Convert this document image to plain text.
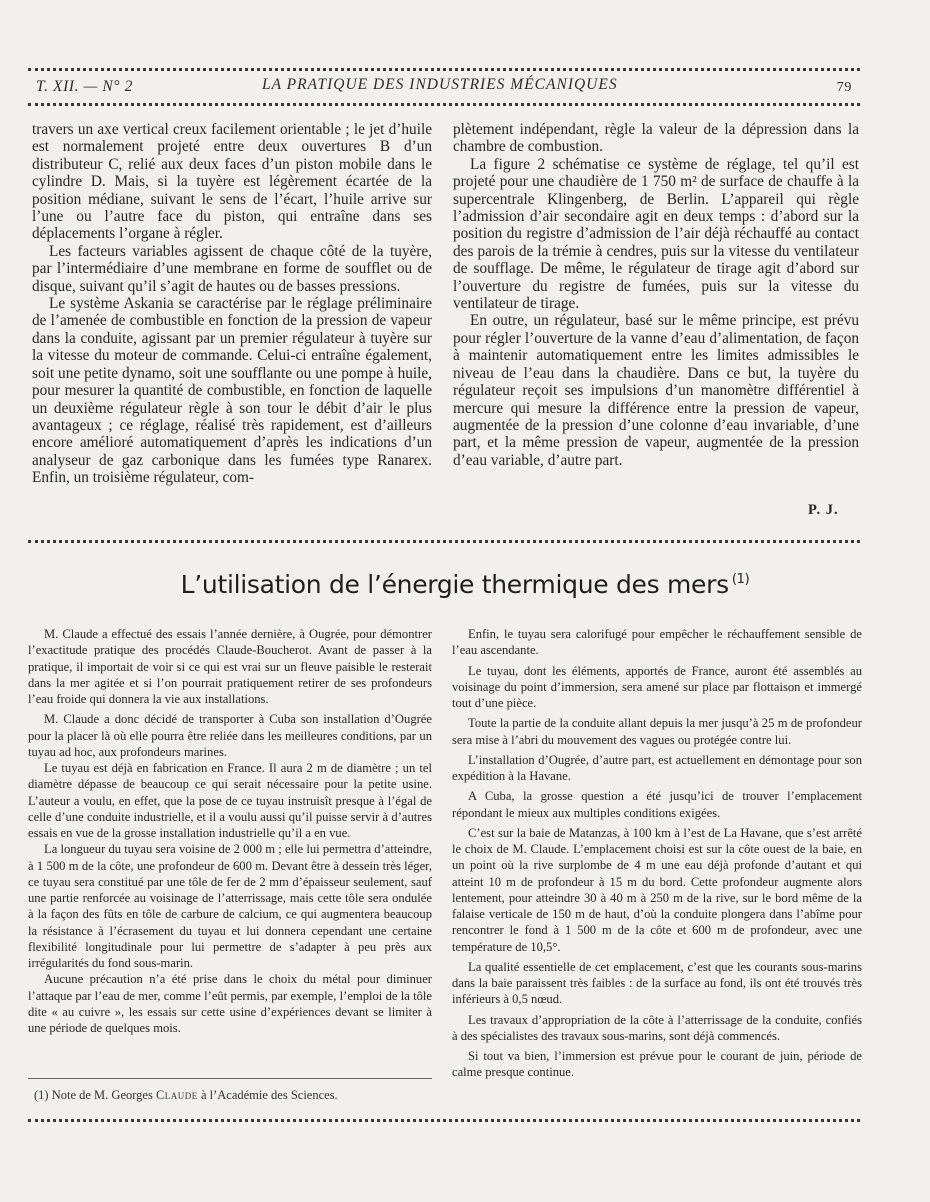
T. XII. — N° 2	LA PRATIQUE DES INDUSTRIES MÉCANIQUES	79

travers un axe vertical creux facilement orientable ; le jet d’huile est normalement projeté entre deux ouvertures B d’un distributeur C, relié aux deux faces d’un piston mobile dans le cylindre D. Mais, si la tuyère est légèrement écartée de la position médiane, suivant le sens de l’écart, l’huile arrive sur l’une ou l’autre face du piston, qui entraîne dans ses déplacements l’organe à régler.

Les facteurs variables agissent de chaque côté de la tuyère, par l’intermédiaire d’une membrane en forme de soufflet ou de disque, suivant qu’il s’agit de hautes ou de basses pressions.

Le système Askania se caractérise par le réglage préliminaire de l’amenée de combustible en fonction de la pression de vapeur dans la conduite, agissant par un premier régulateur à tuyère sur la vitesse du moteur de commande. Celui-ci entraîne également, soit une petite dynamo, soit une soufflante ou une pompe à huile, pour mesurer la quantité de combustible, en fonction de laquelle un deuxième régulateur règle à son tour le débit d’air le plus avantageux ; ce réglage, réalisé très rapidement, est d’ailleurs encore amélioré automatiquement d’après les indications d’un analyseur de gaz carbonique dans les fumées type Ranarex. Enfin, un troisième régulateur, com-

plètement indépendant, règle la valeur de la dépression dans la chambre de combustion.

La figure 2 schématise ce système de réglage, tel qu’il est projeté pour une chaudière de 1 750 m² de surface de chauffe à la supercentrale Klingenberg, de Berlin. L’appareil qui règle l’admission d’air secondaire agit en deux temps : d’abord sur la position du registre d’admission de l’air déjà réchauffé au contact des parois de la trémie à cendres, puis sur la vitesse du ventilateur de soufflage. De même, le régulateur de tirage agit d’abord sur l’ouverture du registre de fumées, puis sur la vitesse du ventilateur de tirage.

En outre, un régulateur, basé sur le même principe, est prévu pour régler l’ouverture de la vanne d’eau d’alimentation, de façon à maintenir automatiquement entre les limites admissibles le niveau de l’eau dans la chaudière. Dans ce but, la tuyère du régulateur reçoit ses impulsions d’un manomètre différentiel à mercure qui mesure la différence entre la pression de vapeur, augmentée de la pression d’une colonne d’eau invariable, d’une part, et la même pression de vapeur, augmentée de la pression d’eau variable, d’autre part.

P. J.
L’utilisation de l’énergie thermique des mers $^{(1)}$

M. Claude a effectué des essais l’année dernière, à Ougrée, pour démontrer l’exactitude pratique des procédés Claude-Boucherot. Avant de passer à la pratique, il importait de voir si ce qui est vrai sur un fleuve paisible le resterait dans la mer agitée et si l’on pourrait pratiquement retirer de ses profondeurs l’eau froide qui donnera la vie aux installations.

M. Claude a donc décidé de transporter à Cuba son installation d’Ougrée pour la placer là où elle pourra être reliée dans les meilleures conditions, par un tuyau ad hoc, aux profondeurs marines.

Le tuyau est déjà en fabrication en France. Il aura 2 m de diamètre ; un tel diamètre dépasse de beaucoup ce qui serait nécessaire pour la petite usine. L’auteur a voulu, en effet, que la pose de ce tuyau instruisît presque à l’égal de celle d’une conduite industrielle, et il a voulu aussi qu’il puisse servir à d’autres essais en vue de la grosse installation industrielle qu’il a en vue.

La longueur du tuyau sera voisine de 2 000 m ; elle lui permettra d’atteindre, à 1 500 m de la côte, une profondeur de 600 m. Devant être à dessein très léger, ce tuyau sera constitué par une tôle de fer de 2 mm d’épaisseur seulement, sauf une partie renforcée au voisinage de l’atterrissage, mais cette tôle sera ondulée à la façon des fûts en tôle de carbure de calcium, ce qui augmentera beaucoup la résistance à l’écrasement du tuyau et lui donnera cependant une certaine flexibilité longitudinale pour lui permettre de s’adapter à peu près aux irrégularités du fond sous-marin.

Aucune précaution n’a été prise dans le choix du métal pour diminuer l’attaque par l’eau de mer, comme l’eût permis, par exemple, l’emploi de la tôle dite « au cuivre », les essais sur cette usine d’expériences devant se limiter à une période de quelques mois.

Enfin, le tuyau sera calorifugé pour empêcher le réchauffement sensible de l’eau ascendante.

Le tuyau, dont les éléments, apportés de France, auront été assemblés au voisinage du point d’immersion, sera amené sur place par flottaison et immergé tout d’une pièce.

Toute la partie de la conduite allant depuis la mer jusqu’à 25 m de profondeur sera mise à l’abri du mouvement des vagues ou protégée contre lui.

L’installation d’Ougrée, d’autre part, est actuellement en démontage pour son expédition à la Havane.

A Cuba, la grosse question a été jusqu’ici de trouver l’emplacement répondant le mieux aux multiples conditions exigées.

C’est sur la baie de Matanzas, à 100 km à l’est de La Havane, que s’est arrêté le choix de M. Claude. L’emplacement choisi est sur la côte ouest de la baie, en un point où la rive surplombe de 4 m une eau déjà profonde d’autant et qui atteint 10 m de profondeur à 15 m du bord. Cette profondeur augmente alors lentement, pour atteindre 30 à 40 m à 250 m de la rive, sur le bord même de la falaise verticale de 150 m de haut, d’où la conduite plongera dans l’abîme pour rencontrer le fond à 1 500 m de la côte et 600 m de profondeur, avec une température de 10,5°.

La qualité essentielle de cet emplacement, c’est que les courants sous-marins dans la baie paraissent très faibles : de la surface au fond, ils ont été trouvés très inférieurs à 0,5 nœud.

Les travaux d’appropriation de la côte à l’atterrissage de la conduite, confiés à des spécialistes des travaux sous-marins, sont déjà commencés.

Si tout va bien, l’immersion est prévue pour le courant de juin, période de calme presque continue.

(1) Note de M. Georges Claude à l’Académie des Sciences.
